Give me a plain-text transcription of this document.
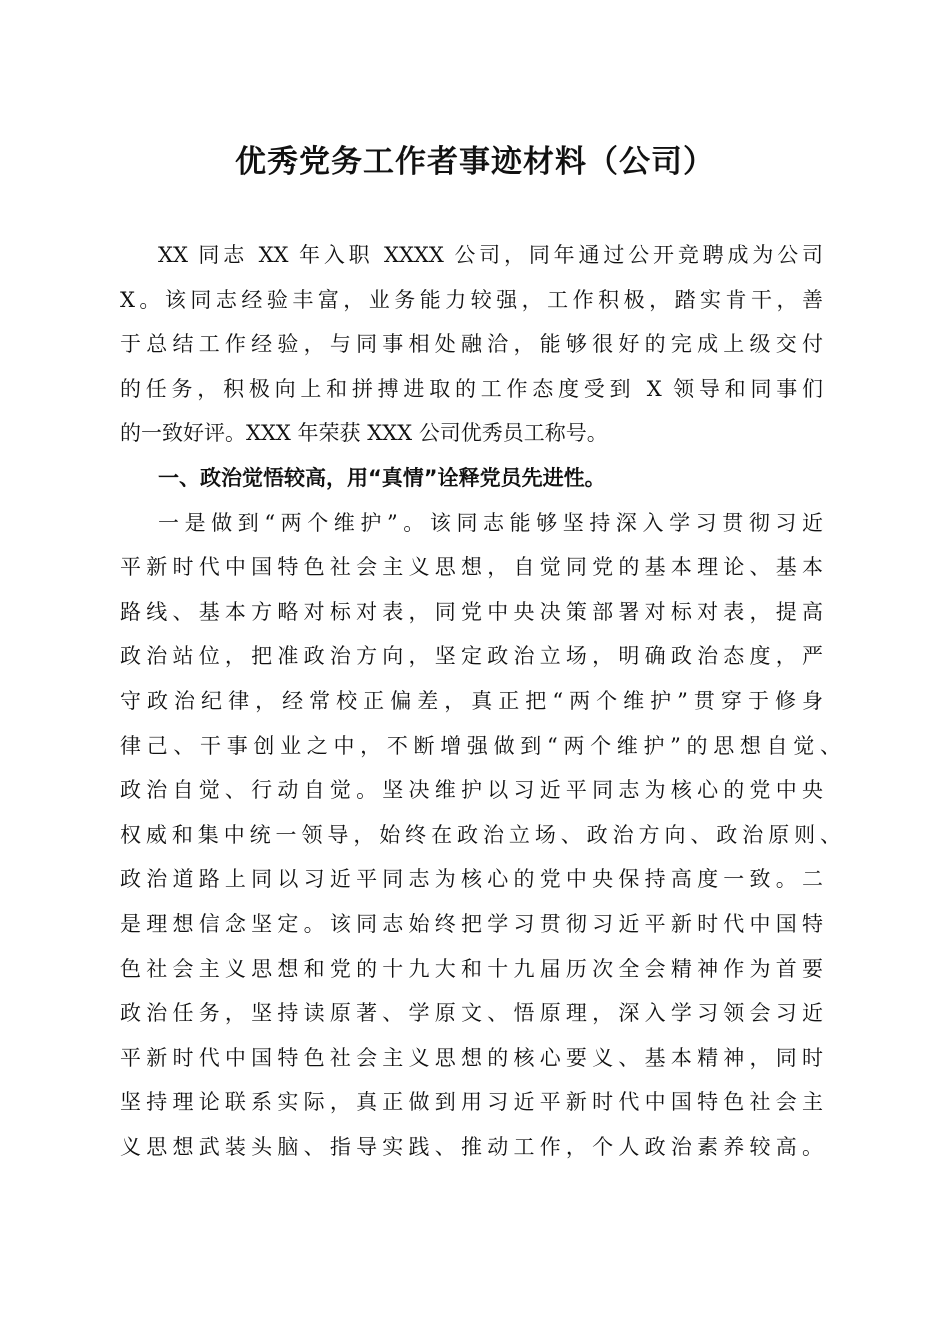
优秀党务工作者事迹材料（公司）
XX 同志 XX 年入职 XXXX 公司，同年通过公开竞聘成为公司
X。该同志经验丰富，业务能力较强，工作积极，踏实肯干，善
于总结工作经验，与同事相处融洽，能够很好的完成上级交付
的任务，积极向上和拼搏进取的工作态度受到 X 领导和同事们
的一致好评。XXX 年荣获 XXX 公司优秀员工称号。
一、政治觉悟较高，用“真情”诠释党员先进性。
一是做到“两个维护”。该同志能够坚持深入学习贯彻习近
平新时代中国特色社会主义思想，自觉同党的基本理论、基本
路线、基本方略对标对表，同党中央决策部署对标对表，提高
政治站位，把准政治方向，坚定政治立场，明确政治态度，严
守政治纪律，经常校正偏差，真正把“两个维护”贯穿于修身
律己、干事创业之中，不断增强做到“两个维护”的思想自觉、
政治自觉、行动自觉。坚决维护以习近平同志为核心的党中央
权威和集中统一领导，始终在政治立场、政治方向、政治原则、
政治道路上同以习近平同志为核心的党中央保持高度一致。二
是理想信念坚定。该同志始终把学习贯彻习近平新时代中国特
色社会主义思想和党的十九大和十九届历次全会精神作为首要
政治任务，坚持读原著、学原文、悟原理，深入学习领会习近
平新时代中国特色社会主义思想的核心要义、基本精神，同时
坚持理论联系实际，真正做到用习近平新时代中国特色社会主
义思想武装头脑、指导实践、推动工作，个人政治素养较高。
